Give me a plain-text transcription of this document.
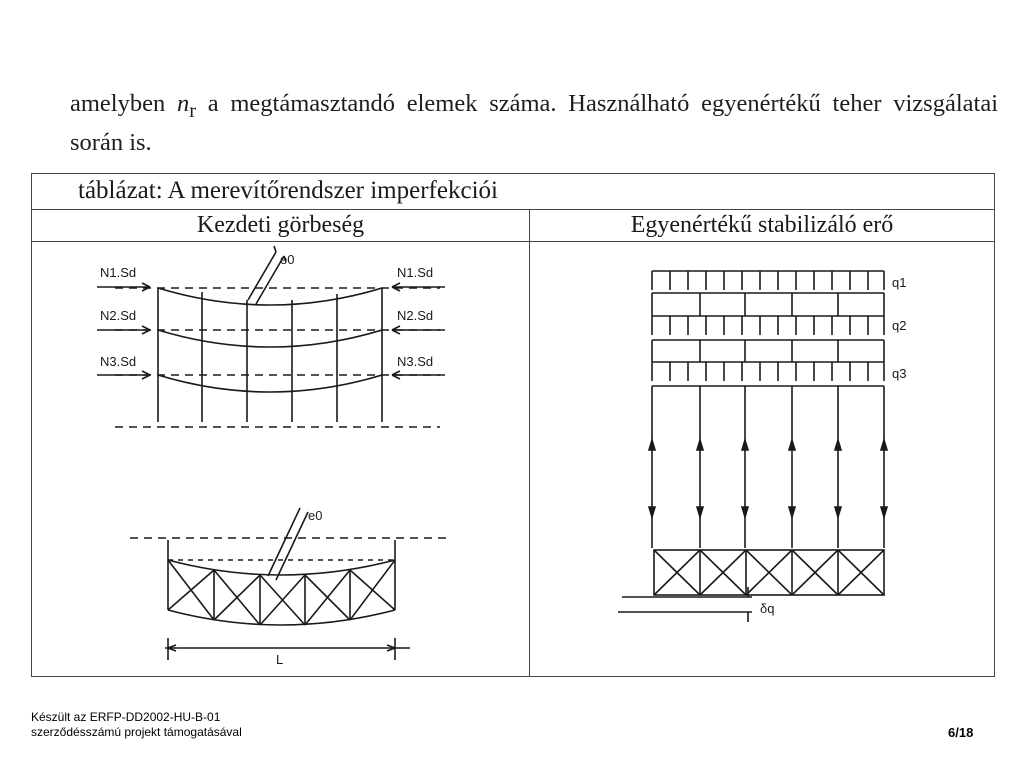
amelyben $n_r$ a megtámasztandó elemek száma. Használható egyenértékű teher vizsgálatai során is.
táblázat: A merevítőrendszer imperfekciói
Kezdeti görbeség	Egyenértékű stabilizáló erő
N1.Sd
N2.Sd
N3.Sd
N1.Sd
N2.Sd
N3.Sd
e0
e0
L
q1
q2
q3
δq
Készült az ERFP-DD2002-HU-B-01
szerződésszámú projekt támogatásával	6/18
